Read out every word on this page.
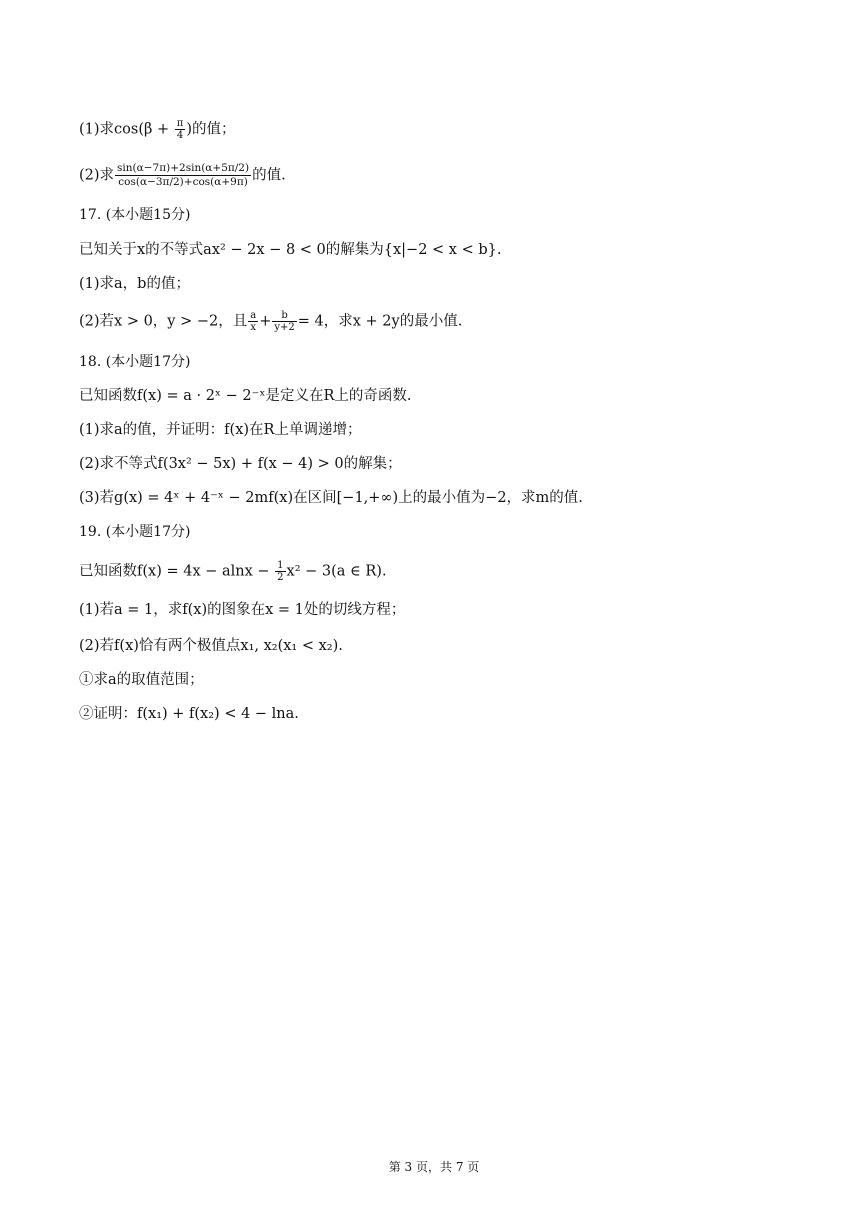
(1)求$\cos(\beta + \frac{\pi}{4}$ )的值；
(2)求 $\frac{\sin(\alpha-7\pi)+2\sin(\alpha+5\pi/2)}{\cos(\alpha-3\pi/2)+\cos(\alpha+9\pi)}$ 的值.
17. (本小题15分)
已知关于x的不等式ax² − 2x − 8 < 0的解集为{x|−2 < x < b}.
(1)求a，b的值；
(2)若x > 0，y > −2，且 $\frac{a}{x} + \frac{b}{y+2} = 4$，求x + 2y的最小值.
18. (本小题17分)
已知函数f(x) = a · 2ˣ − 2⁻ˣ是定义在R上的奇函数.
(1)求a的值，并证明：f(x)在R上单调递增；
(2)求不等式f(3x² − 5x) + f(x − 4) > 0的解集；
(3)若g(x) = 4ˣ + 4⁻ˣ − 2mf(x)在区间[−1,+∞)上的最小值为−2，求m的值.
19. (本小题17分)
已知函数$f(x) = 4x - alnx - \frac{1}{2} x^2 - 3(a$ ∈ R).
(1)若a = 1，求f(x)的图象在x = 1处的切线方程；
(2)若f(x)恰有两个极值点x₁, x₂(x₁ < x₂).
①求a的取值范围；
②证明：f(x₁) + f(x₂) < 4 − lna.
第 3 页，共 7 页
